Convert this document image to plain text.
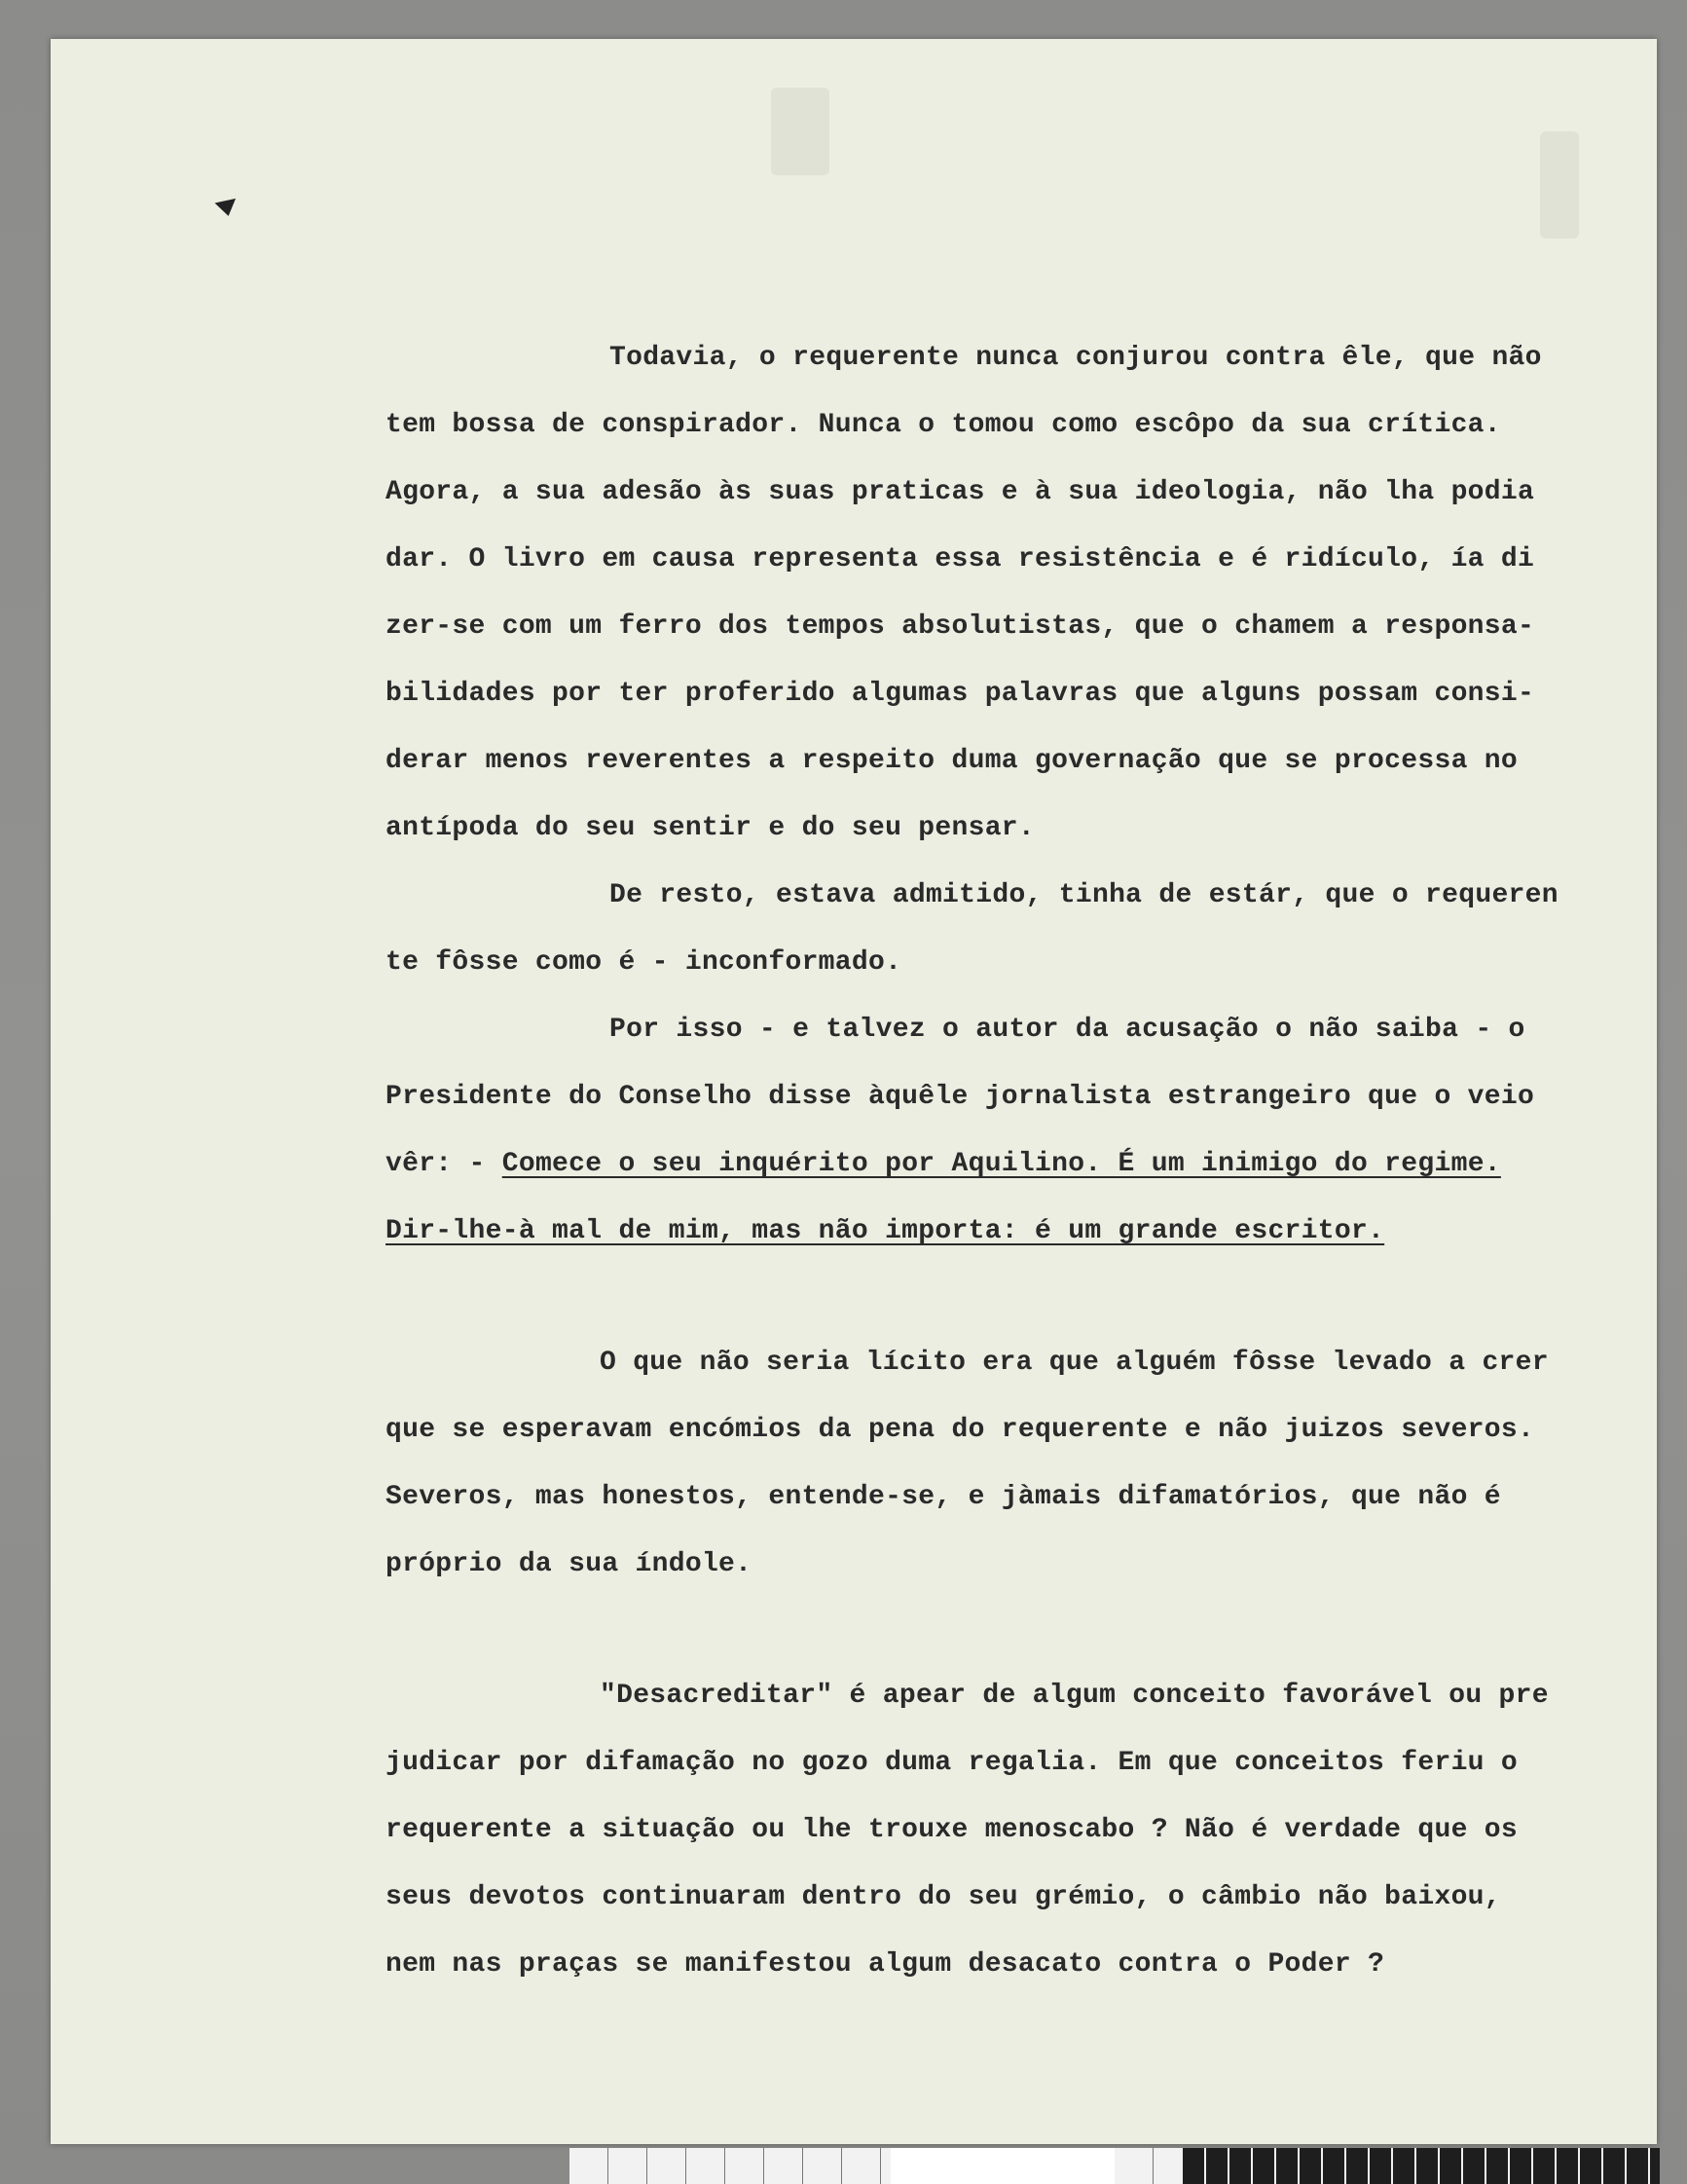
Todavia, o requerente nunca conjurou contra êle, que não
tem bossa de conspirador. Nunca o tomou como escôpo da sua crítica.
Agora, a sua adesão às suas praticas e à sua ideologia, não lha podia
dar. O livro em causa representa essa resistência e é ridículo, ía di
zer-se com um ferro dos tempos absolutistas, que o chamem a responsa-
bilidades por ter proferido algumas palavras que alguns possam consi-
derar menos reverentes a respeito duma governação que se processa no
antípoda do seu sentir e do seu pensar.
De resto, estava admitido, tinha de estár, que o requeren
te fôsse como é - inconformado.
Por isso - e talvez o autor da acusação o não saiba - o
Presidente do Conselho disse àquêle jornalista estrangeiro que o veio
vêr: - Comece o seu inquérito por Aquilino. É um inimigo do regime.
Dir-lhe-à mal de mim, mas não importa: é um grande escritor.
O que não seria lícito era que alguém fôsse levado a crer
que se esperavam encómios da pena do requerente e não juizos severos.
Severos, mas honestos, entende-se, e jàmais difamatórios, que não é
próprio da sua índole.
"Desacreditar" é apear de algum conceito favorável ou pre
judicar por difamação no gozo duma regalia. Em que conceitos feriu o
requerente a situação ou lhe trouxe menoscabo ? Não é verdade que os
seus devotos continuaram dentro do seu grémio, o câmbio não baixou,
nem nas praças se manifestou algum desacato contra o Poder ?
